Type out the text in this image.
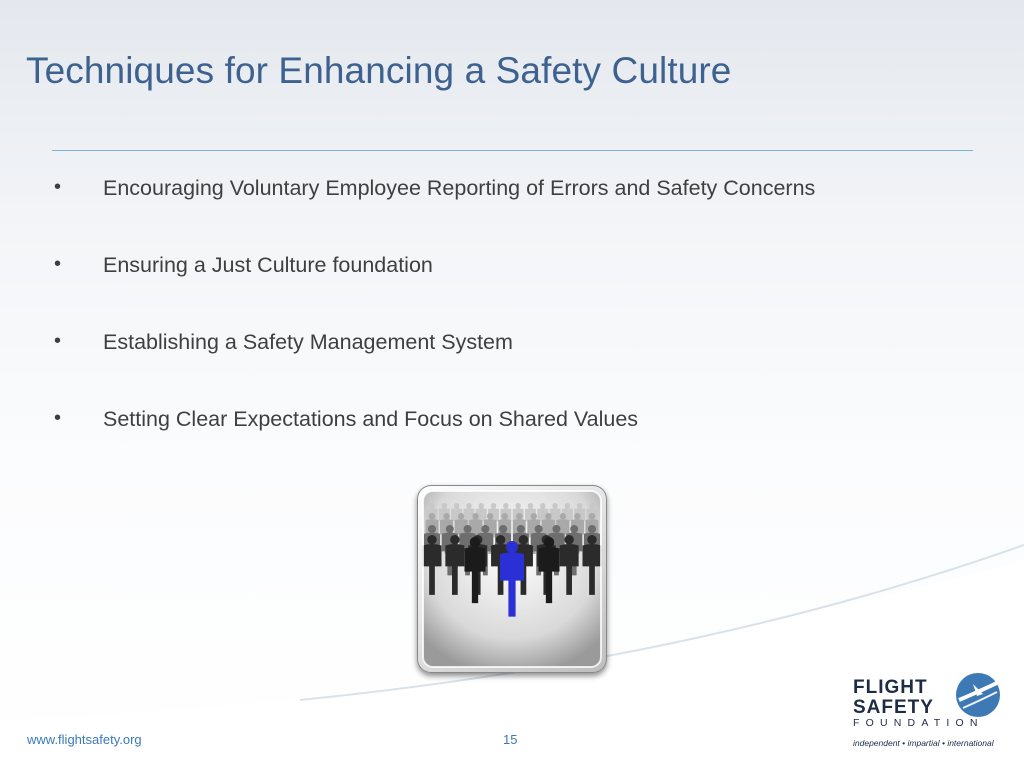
Techniques for Enhancing a Safety Culture
• Encouraging Voluntary Employee Reporting of Errors and Safety Concerns
• Ensuring a Just Culture foundation
• Establishing a Safety Management System
• Setting Clear Expectations and Focus on Shared Values
FLIGHT
SAFETY
FOUNDATION
independent • impartial • international
www.flightsafety.org	15
